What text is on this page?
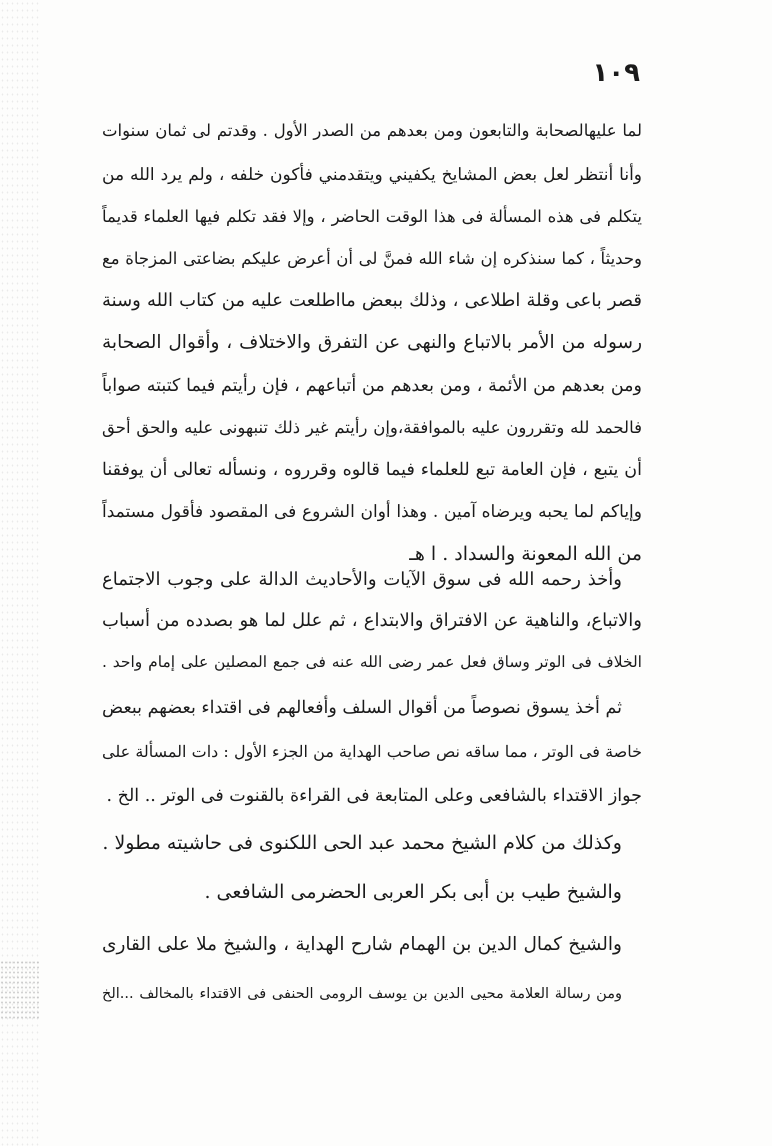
١٠٩
لما عليهالصحابة والتابعون ومن بعدهم من الصدر الأول . وقدتم لى ثمان سنوات
وأنا أنتظر لعل بعض المشايخ يكفيني ويتقدمني فأكون خلفه ، ولم يرد الله من
يتكلم فى هذه المسألة فى هذا الوقت الحاضر ، وإلا فقد تكلم فيها العلماء قديماً
وحديثاً ، كما سنذكره إن شاء الله فمنَّ لى أن أعرض عليكم بضاعتى المزجاة مع
قصر باعى وقلة اطلاعى ، وذلك ببعض مااطلعت عليه من كتاب الله وسنة
رسوله من الأمر بالاتباع والنهى عن التفرق والاختلاف ، وأقوال الصحابة
ومن بعدهم من الأئمة ، ومن بعدهم من أتباعهم ، فإن رأيتم فيما كتبته صواباً
فالحمد لله وتقررون عليه بالموافقة،وإن رأيتم غير ذلك تنبهونى عليه والحق أحق
أن يتبع ، فإن العامة تبع للعلماء فيما قالوه وقرروه ، ونسأله تعالى أن يوفقنا
وإياكم لما يحبه ويرضاه آمين . وهذا أوان الشروع فى المقصود فأقول مستمداً
من الله المعونة والسداد . ا هـ
وأخذ رحمه الله فى سوق الآيات والأحاديث الدالة على وجوب الاجتماع
والاتباع، والناهية عن الافتراق والابتداع ، ثم علل لما هو بصدده من أسباب
الخلاف فى الوتر وساق فعل عمر رضى الله عنه فى جمع المصلين على إمام واحد .
ثم أخذ يسوق نصوصاً من أقوال السلف وأفعالهم فى اقتداء بعضهم ببعض
خاصة فى الوتر ، مما ساقه نص صاحب الهداية من الجزء الأول : دات المسألة على
جواز الاقتداء بالشافعى وعلى المتابعة فى القراءة بالقنوت فى الوتر .. الخ .
وكذلك من كلام الشيخ محمد عبد الحى اللكنوى فى حاشيته مطولا .
والشيخ طيب بن أبى بكر العربى الحضرمى الشافعى .
والشيخ كمال الدين بن الهمام شارح الهداية ، والشيخ ملا على القارى
ومن رسالة العلامة محيى الدين بن يوسف الرومى الحنفى فى الاقتداء بالمخالف ...الخ
